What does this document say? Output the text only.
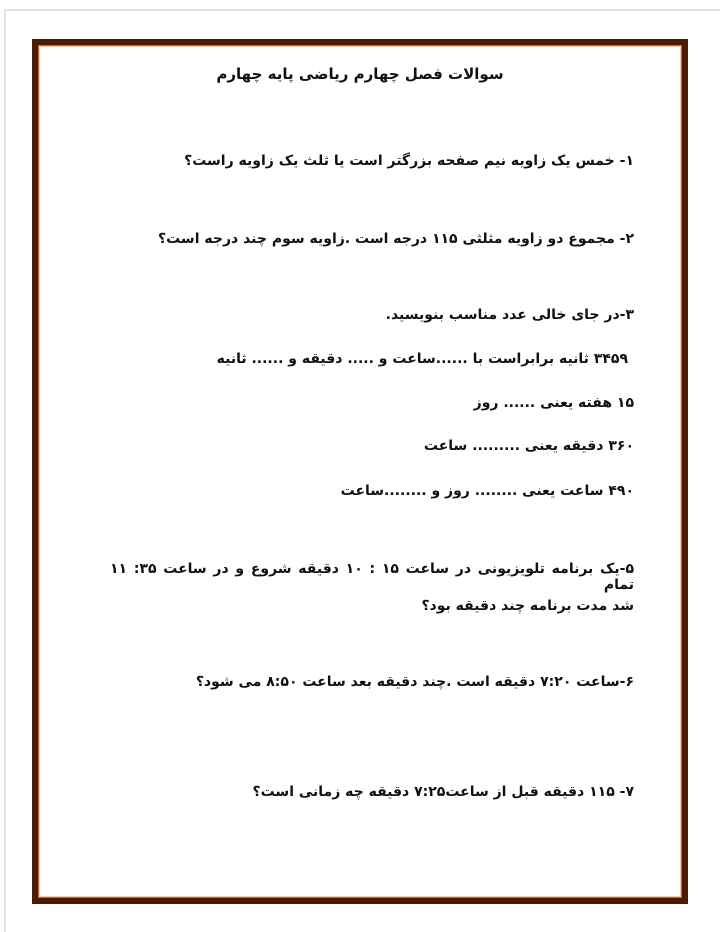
سوالات فصل چهارم ریاضی پایه چهارم
۱- خمس یک زاویه نیم صفحه بزرگتر است یا ثلث یک زاویه راست؟
۲- مجموع دو زاویه مثلثی ۱۱۵ درجه است .زاویه سوم چند درجه است؟
۳-در جای خالی عدد مناسب بنویسید.
۳۴۵۹ ثانیه برابراست با ......ساعت و ..... دقیقه و ...... ثانیه
۱۵ هفته یعنی ...... روز
۳۶۰ دقیقه یعنی ......... ساعت
۴۹۰ ساعت یعنی ........ روز و ........ساعت
۵-یک برنامه تلویزیونی در ساعت ۱۵ : ۱۰ دقیقه شروع و در ساعت ۳۵: ۱۱ تمام
شد مدت برنامه چند دقیقه بود؟
۶-ساعت ۷:۲۰ دقیقه است .چند دقیقه بعد ساعت ۸:۵۰ می شود؟
۷- ۱۱۵ دقیقه قبل از ساعت۷:۲۵ دقیقه چه زمانی است؟
